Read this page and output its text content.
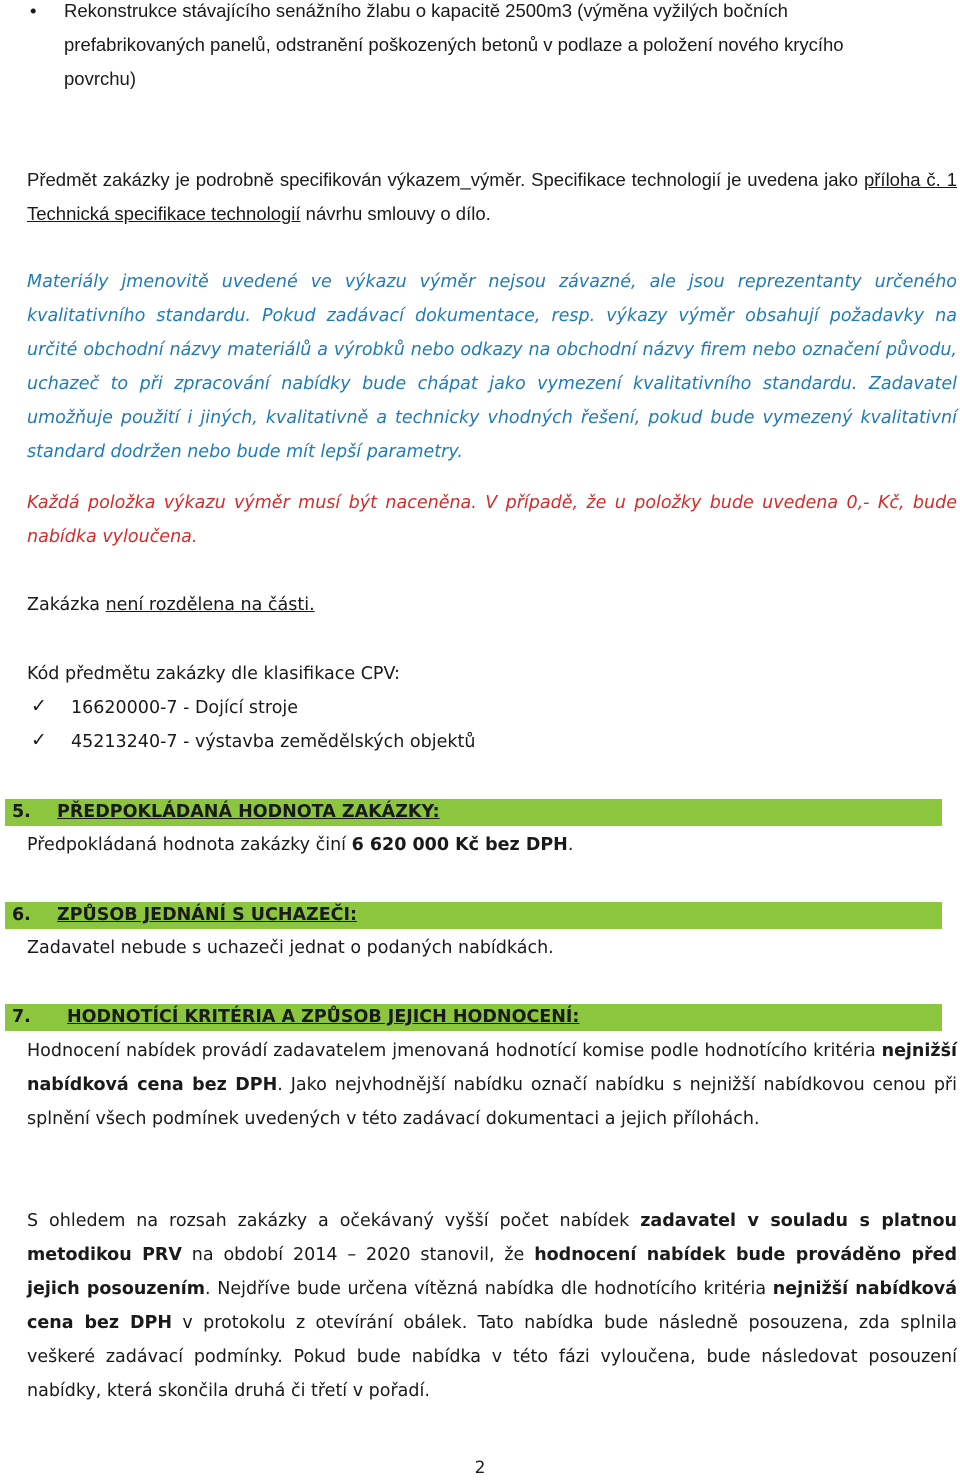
• Rekonstrukce stávajícího senážního žlabu o kapacitě 2500m3 (výměna vyžilých bočních prefabrikovaných panelů, odstranění poškozených betonů v podlaze a položení nového krycího povrchu)
Předmět zakázky je podrobně specifikován výkazem_výměr. Specifikace technologií je uvedena jako příloha č. 1 Technická specifikace technologií návrhu smlouvy o dílo.
Materiály jmenovitě uvedené ve výkazu výměr nejsou závazné, ale jsou reprezentanty určeného kvalitativního standardu. Pokud zadávací dokumentace, resp. výkazy výměr obsahují požadavky na určité obchodní názvy materiálů a výrobků nebo odkazy na obchodní názvy firem nebo označení původu, uchazeč to při zpracování nabídky bude chápat jako vymezení kvalitativního standardu. Zadavatel umožňuje použití i jiných, kvalitativně a technicky vhodných řešení, pokud bude vymezený kvalitativní standard dodržen nebo bude mít lepší parametry.
Každá položka výkazu výměr musí být naceněna. V případě, že u položky bude uvedena 0,- Kč, bude nabídka vyloučena.
Zakázka není rozdělena na části.
Kód předmětu zakázky dle klasifikace CPV:
✓ 16620000-7 - Dojící stroje
✓ 45213240-7 - výstavba zemědělských objektů
5. PŘEDPOKLÁDANÁ HODNOTA ZAKÁZKY:
Předpokládaná hodnota zakázky činí 6 620 000 Kč bez DPH.
6. ZPŮSOB JEDNÁNÍ S UCHAZEČI:
Zadavatel nebude s uchazeči jednat o podaných nabídkách.
7. HODNOTÍCÍ KRITÉRIA A ZPŮSOB JEJICH HODNOCENÍ:
Hodnocení nabídek provádí zadavatelem jmenovaná hodnotící komise podle hodnotícího kritéria nejnižší nabídková cena bez DPH. Jako nejvhodnější nabídku označí nabídku s nejnižší nabídkovou cenou při splnění všech podmínek uvedených v této zadávací dokumentaci a jejich přílohách.
S ohledem na rozsah zakázky a očekávaný vyšší počet nabídek zadavatel v souladu s platnou metodikou PRV na období 2014 – 2020 stanovil, že hodnocení nabídek bude prováděno před jejich posouzením. Nejdříve bude určena vítězná nabídka dle hodnotícího kritéria nejnižší nabídková cena bez DPH v protokolu z otevírání obálek. Tato nabídka bude následně posouzena, zda splnila veškeré zadávací podmínky. Pokud bude nabídka v této fázi vyloučena, bude následovat posouzení nabídky, která skončila druhá či třetí v pořadí.
2
